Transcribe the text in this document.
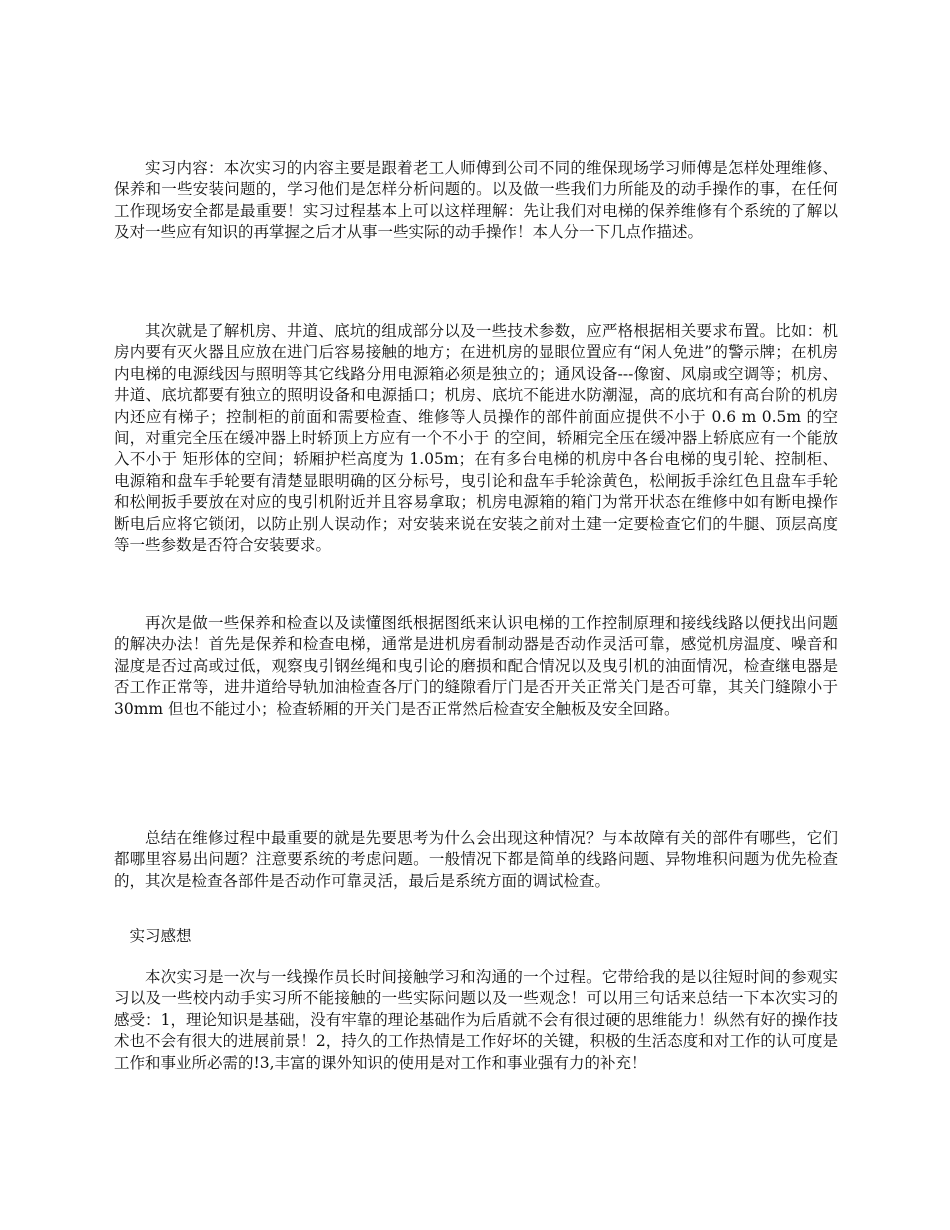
实习内容：本次实习的内容主要是跟着老工人师傅到公司不同的维保现场学习师傅是怎样处理维修、保养和一些安装问题的，学习他们是怎样分析问题的。以及做一些我们力所能及的动手操作的事，在任何工作现场安全都是最重要！实习过程基本上可以这样理解：先让我们对电梯的保养维修有个系统的了解以及对一些应有知识的再掌握之后才从事一些实际的动手操作！本人分一下几点作描述。

其次就是了解机房、井道、底坑的组成部分以及一些技术参数，应严格根据相关要求布置。比如：机房内要有灭火器且应放在进门后容易接触的地方；在进机房的显眼位置应有“闲人免进”的警示牌；在机房内电梯的电源线因与照明等其它线路分用电源箱必须是独立的；通风设备---像窗、风扇或空调等；机房、井道、底坑都要有独立的照明设备和电源插口；机房、底坑不能进水防潮湿，高的底坑和有高台阶的机房内还应有梯子；控制柜的前面和需要检查、维修等人员操作的部件前面应提供不小于 0.6 m 0.5m 的空间，对重完全压在缓冲器上时轿顶上方应有一个不小于 的空间，轿厢完全压在缓冲器上轿底应有一个能放入不小于 矩形体的空间；轿厢护栏高度为 1.05m；在有多台电梯的机房中各台电梯的曳引轮、控制柜、电源箱和盘车手轮要有清楚显眼明确的区分标号，曳引论和盘车手轮涂黄色，松闸扳手涂红色且盘车手轮和松闸扳手要放在对应的曳引机附近并且容易拿取；机房电源箱的箱门为常开状态在维修中如有断电操作断电后应将它锁闭，以防止别人误动作；对安装来说在安装之前对土建一定要检查它们的牛腿、顶层高度等一些参数是否符合安装要求。

再次是做一些保养和检查以及读懂图纸根据图纸来认识电梯的工作控制原理和接线线路以便找出问题的解决办法！首先是保养和检查电梯，通常是进机房看制动器是否动作灵活可靠，感觉机房温度、噪音和湿度是否过高或过低，观察曳引钢丝绳和曳引论的磨损和配合情况以及曳引机的油面情况，检查继电器是否工作正常等，进井道给导轨加油检查各厅门的缝隙看厅门是否开关正常关门是否可靠，其关门缝隙小于 30mm 但也不能过小；检查轿厢的开关门是否正常然后检查安全触板及安全回路。

总结在维修过程中最重要的就是先要思考为什么会出现这种情况？与本故障有关的部件有哪些，它们都哪里容易出问题？注意要系统的考虑问题。一般情况下都是简单的线路问题、异物堆积问题为优先检查的，其次是检查各部件是否动作可靠灵活，最后是系统方面的调试检查。

实习感想

本次实习是一次与一线操作员长时间接触学习和沟通的一个过程。它带给我的是以往短时间的参观实习以及一些校内动手实习所不能接触的一些实际问题以及一些观念！可以用三句话来总结一下本次实习的感受：1，理论知识是基础，没有牢靠的理论基础作为后盾就不会有很过硬的思维能力！纵然有好的操作技术也不会有很大的进展前景！2，持久的工作热情是工作好坏的关键，积极的生活态度和对工作的认可度是工作和事业所必需的!3,丰富的课外知识的使用是对工作和事业强有力的补充！
